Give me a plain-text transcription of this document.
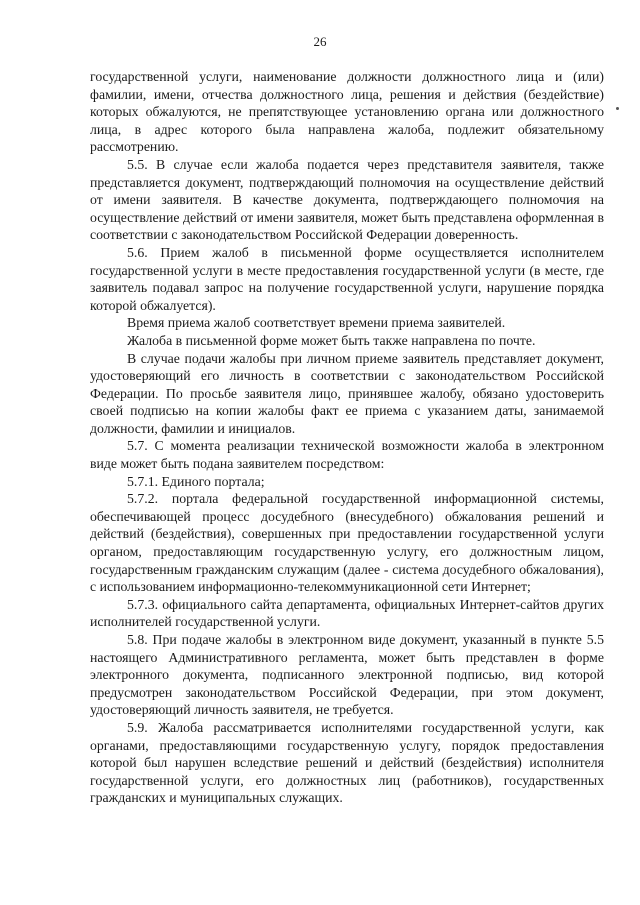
26

государственной услуги, наименование должности должностного лица и (или) фамилии, имени, отчества должностного лица, решения и действия (бездействие) которых обжалуются, не препятствующее установлению органа или должностного лица, в адрес которого была направлена жалоба, подлежит обязательному рассмотрению.

5.5. В случае если жалоба подается через представителя заявителя, также представляется документ, подтверждающий полномочия на осуществление действий от имени заявителя. В качестве документа, подтверждающего полномочия на осуществление действий от имени заявителя, может быть представлена оформленная в соответствии с законодательством Российской Федерации доверенность.

5.6. Прием жалоб в письменной форме осуществляется исполнителем государственной услуги в месте предоставления государственной услуги (в месте, где заявитель подавал запрос на получение государственной услуги, нарушение порядка которой обжалуется).

Время приема жалоб соответствует времени приема заявителей.

Жалоба в письменной форме может быть также направлена по почте.

В случае подачи жалобы при личном приеме заявитель представляет документ, удостоверяющий его личность в соответствии с законодательством Российской Федерации. По просьбе заявителя лицо, принявшее жалобу, обязано удостоверить своей подписью на копии жалобы факт ее приема с указанием даты, занимаемой должности, фамилии и инициалов.

5.7. С момента реализации технической возможности жалоба в электронном виде может быть подана заявителем посредством:

5.7.1. Единого портала;

5.7.2. портала федеральной государственной информационной системы, обеспечивающей процесс досудебного (внесудебного) обжалования решений и действий (бездействия), совершенных при предоставлении государственной услуги органом, предоставляющим государственную услугу, его должностным лицом, государственным гражданским служащим (далее - система досудебного обжалования), с использованием информационно-телекоммуникационной сети Интернет;

5.7.3. официального сайта департамента, официальных Интернет-сайтов других исполнителей государственной услуги.

5.8. При подаче жалобы в электронном виде документ, указанный в пункте 5.5 настоящего Административного регламента, может быть представлен в форме электронного документа, подписанного электронной подписью, вид которой предусмотрен законодательством Российской Федерации, при этом документ, удостоверяющий личность заявителя, не требуется.

5.9. Жалоба рассматривается исполнителями государственной услуги, как органами, предоставляющими государственную услугу, порядок предоставления которой был нарушен вследствие решений и действий (бездействия) исполнителя государственной услуги, его должностных лиц (работников), государственных гражданских и муниципальных служащих.
